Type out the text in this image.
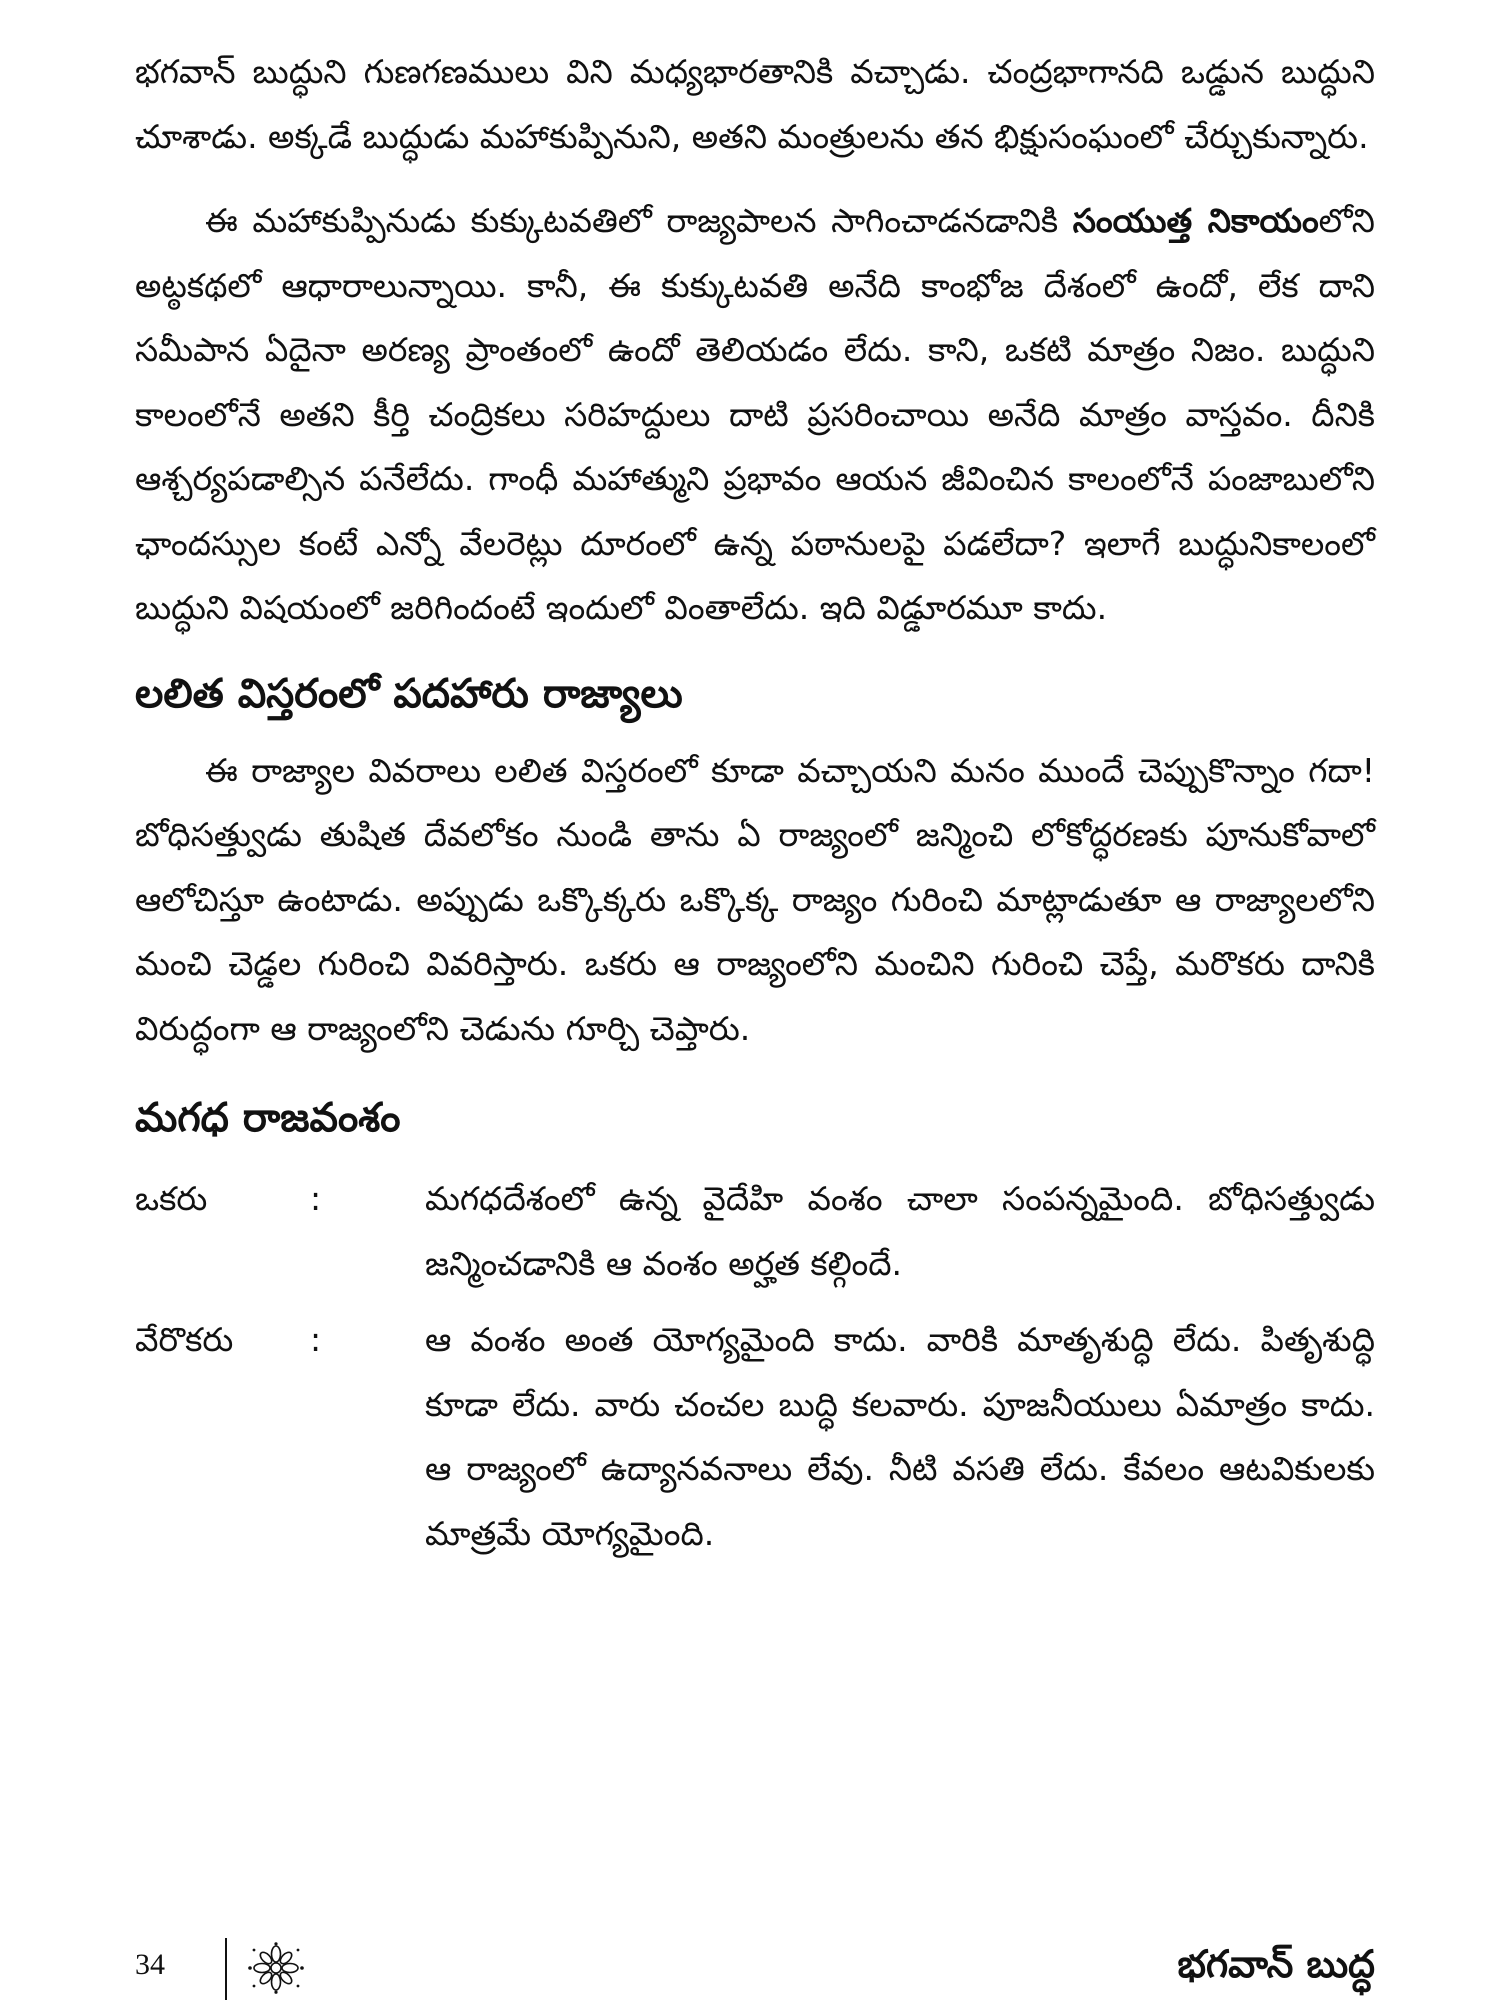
భగవాన్ బుద్ధుని గుణగణములు విని మధ్యభారతానికి వచ్చాడు. చంద్రభాగానది ఒడ్డున బుద్ధుని చూశాడు. అక్కడే బుద్ధుడు మహాకుప్పినుని, అతని మంత్రులను తన భిక్షుసంఘంలో చేర్చుకున్నారు.

ఈ మహాకుప్పినుడు కుక్కుటవతిలో రాజ్యపాలన సాగించాడనడానికి సంయుత్త నికాయంలోని అట్ఠకథలో ఆధారాలున్నాయి. కానీ, ఈ కుక్కుటవతి అనేది కాంభోజ దేశంలో ఉందో, లేక దాని సమీపాన ఏదైనా అరణ్య ప్రాంతంలో ఉందో తెలియడం లేదు. కాని, ఒకటి మాత్రం నిజం. బుద్ధుని కాలంలోనే అతని కీర్తి చంద్రికలు సరిహద్దులు దాటి ప్రసరించాయి అనేది మాత్రం వాస్తవం. దీనికి ఆశ్చర్యపడాల్సిన పనేలేదు. గాంధీ మహాత్ముని ప్రభావం ఆయన జీవించిన కాలంలోనే పంజాబులోని ఛాందస్సుల కంటే ఎన్నో వేలరెట్లు దూరంలో ఉన్న పఠానులపై పడలేదా? ఇలాగే బుద్ధునికాలంలో బుద్ధుని విషయంలో జరిగిందంటే ఇందులో వింతాలేదు. ఇది విడ్డూరమూ కాదు.

లలిత విస్తరంలో పదహారు రాజ్యాలు

ఈ రాజ్యాల వివరాలు లలిత విస్తరంలో కూడా వచ్చాయని మనం ముందే చెప్పుకొన్నాం గదా! బోధిసత్త్వుడు తుషిత దేవలోకం నుండి తాను ఏ రాజ్యంలో జన్మించి లోకోద్ధరణకు పూనుకోవాలో ఆలోచిస్తూ ఉంటాడు. అప్పుడు ఒక్కొక్కరు ఒక్కొక్క రాజ్యం గురించి మాట్లాడుతూ ఆ రాజ్యాలలోని మంచి చెడ్డల గురించి వివరిస్తారు. ఒకరు ఆ రాజ్యంలోని మంచిని గురించి చెప్తే, మరొకరు దానికి విరుద్ధంగా ఆ రాజ్యంలోని చెడును గూర్చి చెప్తారు.

మగధ రాజవంశం
ఒకరు	:	మగధదేశంలో ఉన్న వైదేహి వంశం చాలా సంపన్నమైంది. బోధిసత్త్వుడు జన్మించడానికి ఆ వంశం అర్హత కల్గిందే.
వేరొకరు	:	ఆ వంశం అంత యోగ్యమైంది కాదు. వారికి మాతృశుద్ధి లేదు. పితృశుద్ధి కూడా లేదు. వారు చంచల బుద్ధి కలవారు. పూజనీయులు ఏమాత్రం కాదు. ఆ రాజ్యంలో ఉద్యానవనాలు లేవు. నీటి వసతి లేదు. కేవలం ఆటవికులకు మాత్రమే యోగ్యమైంది.
34	భగవాన్ బుద్ధ
